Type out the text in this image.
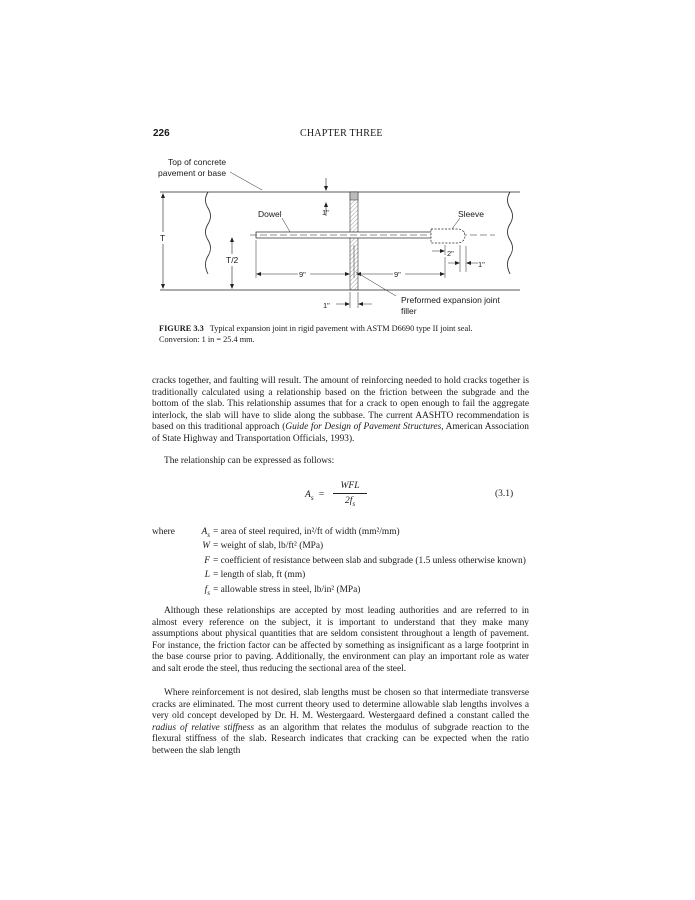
226	CHAPTER THREE
Top of concrete
pavement or base
T
T/2
1"
Dowel	Sleeve
2"
1"
9"	9"
1"
Preformed expansion joint
filler
FIGURE 3.3 Typical expansion joint in rigid pavement with ASTM D6690 type II joint seal.
Conversion: 1 in = 25.4 mm.
cracks together, and faulting will result. The amount of reinforcing needed to hold cracks together is traditionally calculated using a relationship based on the friction between the subgrade and the bottom of the slab. This relationship assumes that for a crack to open enough to fail the aggregate interlock, the slab will have to slide along the subbase. The current AASHTO recommendation is based on this traditional approach (Guide for Design of Pavement Structures, American Association of State Highway and Transportation Officials, 1993).
The relationship can be expressed as follows:
$A_s$ =
WFL
$2f_s$
(3.1)
where	$A_s$ = area of steel required, in²/ft of width (mm²/mm)
W = weight of slab, lb/ft² (MPa)
F = coefficient of resistance between slab and subgrade (1.5 unless otherwise known)
L = length of slab, ft (mm)
$f_s$ = allowable stress in steel, lb/in² (MPa)
Although these relationships are accepted by most leading authorities and are referred to in almost every reference on the subject, it is important to understand that they make many assumptions about physical quantities that are seldom consistent throughout a length of pavement. For instance, the friction factor can be affected by something as insignificant as a large footprint in the base course prior to paving. Additionally, the environment can play an important role as water and salt erode the steel, thus reducing the sectional area of the steel.
Where reinforcement is not desired, slab lengths must be chosen so that intermediate transverse cracks are eliminated. The most current theory used to determine allowable slab lengths involves a very old concept developed by Dr. H. M. Westergaard. Westergaard defined a constant called the radius of relative stiffness as an algorithm that relates the modulus of subgrade reaction to the flexural stiffness of the slab. Research indicates that cracking can be expected when the ratio between the slab length
